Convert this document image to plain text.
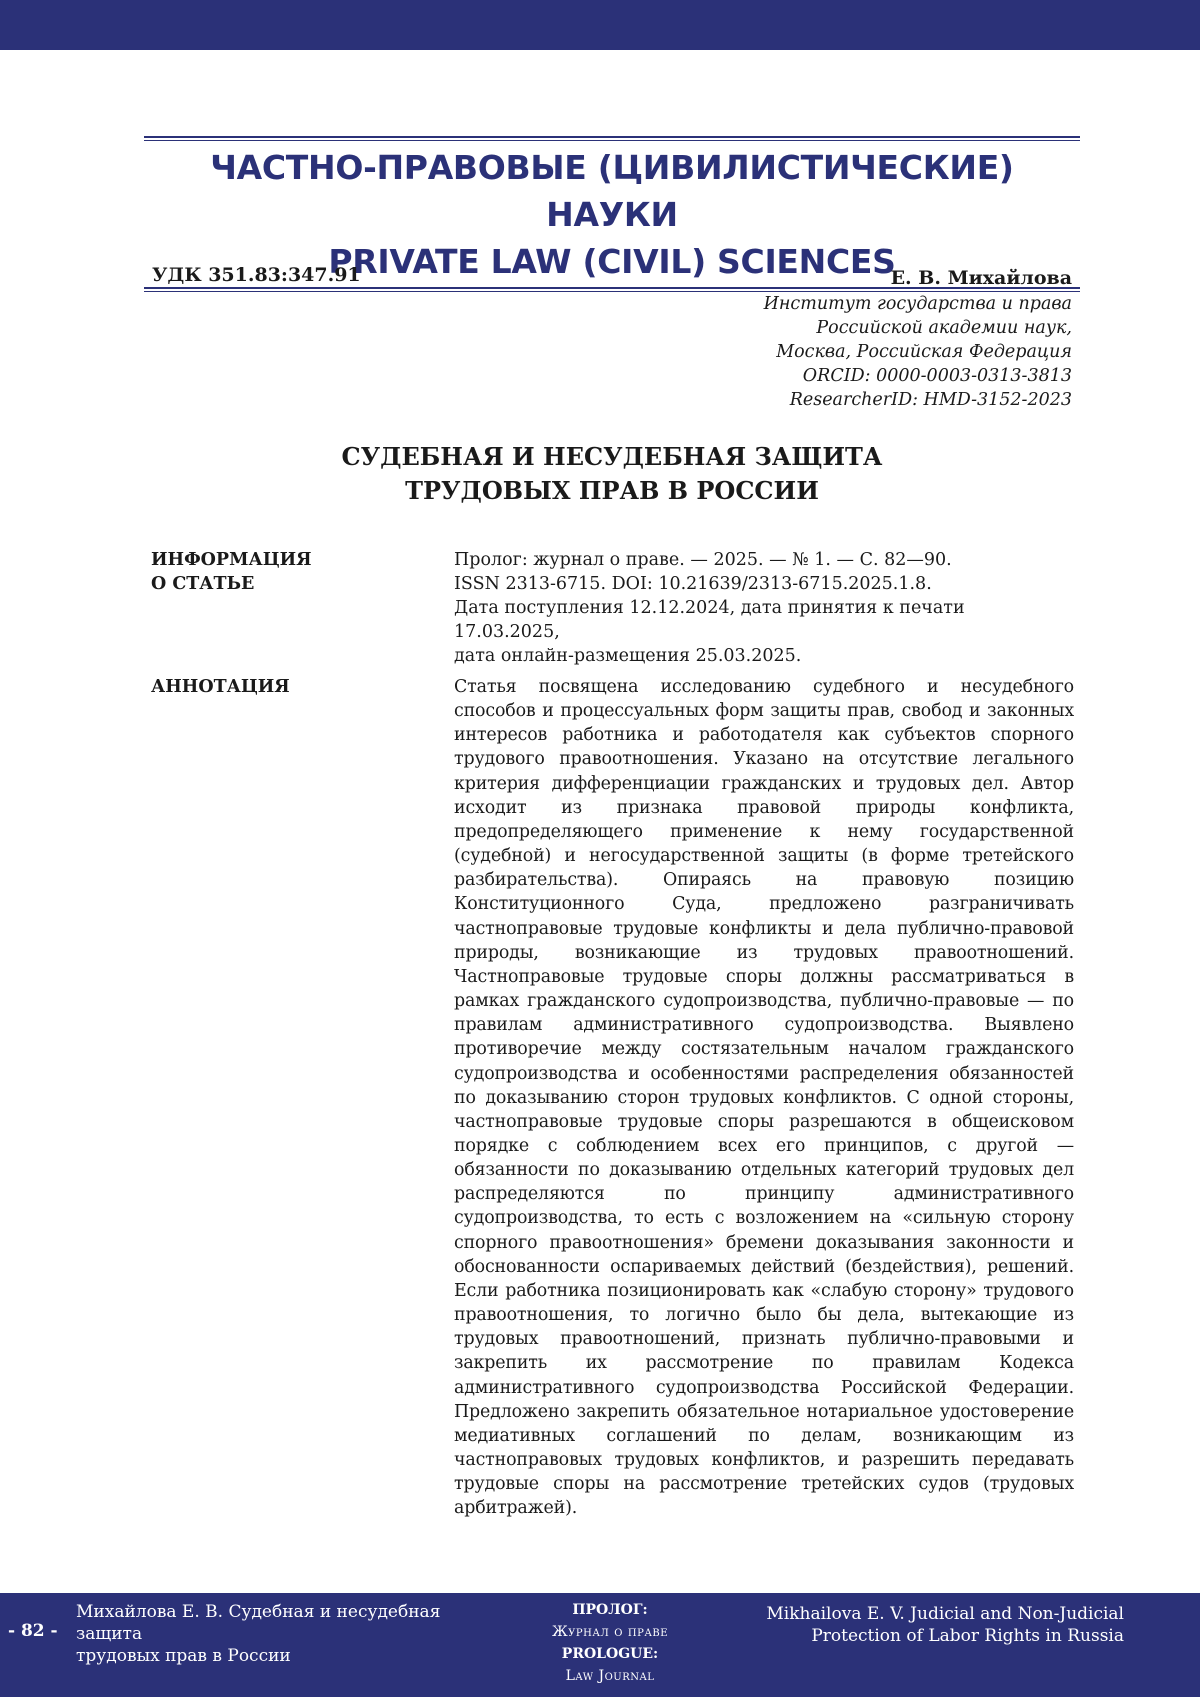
ЧАСТНО-ПРАВОВЫЕ (ЦИВИЛИСТИЧЕСКИЕ) НАУКИ
PRIVATE LAW (CIVIL) SCIENCES
УДК 351.83:347.91	Е. В. Михайлова
Институт государства и права
Российской академии наук,
Москва, Российская Федерация
ORCID: 0000-0003-0313-3813
ResearcherID: HMD-3152-2023
СУДЕБНАЯ И НЕСУДЕБНАЯ ЗАЩИТА
ТРУДОВЫХ ПРАВ В РОССИИ
ИНФОРМАЦИЯ
О СТАТЬЕ
Пролог: журнал о праве. — 2025. — № 1. — С. 82—90.
ISSN 2313-6715. DOI: 10.21639/2313-6715.2025.1.8.
Дата поступления 12.12.2024, дата принятия к печати 17.03.2025,
дата онлайн-размещения 25.03.2025.
АННОТАЦИЯ	Статья посвящена исследованию судебного и несудебного способов и процессуальных форм защиты прав, свобод и законных интересов работника и работодателя как субъектов спорного трудового правоотношения. Указано на отсутствие легального критерия дифференциации гражданских и трудовых дел. Автор исходит из признака правовой природы конфликта, предопределяющего применение к нему государственной (судебной) и негосударственной защиты (в форме третейского разбирательства). Опираясь на правовую позицию Конституционного Суда, предложено разграничивать частноправовые трудовые конфликты и дела публично-правовой природы, возникающие из трудовых правоотношений. Частноправовые трудовые споры должны рассматриваться в рамках гражданского судопроизводства, публично-правовые — по правилам административного судопроизводства. Выявлено противоречие между состязательным началом гражданского судопроизводства и особенностями распределения обязанностей по доказыванию сторон трудовых конфликтов. С одной стороны, частноправовые трудовые споры разрешаются в общеисковом порядке с соблюдением всех его принципов, с другой — обязанности по доказыванию отдельных категорий трудовых дел распределяются по принципу административного судопроизводства, то есть с возложением на «сильную сторону спорного правоотношения» бремени доказывания законности и обоснованности оспариваемых действий (бездействия), решений. Если работника позиционировать как «слабую сторону» трудового правоотношения, то логично было бы дела, вытекающие из трудовых правоотношений, признать публично-правовыми и закрепить их рассмотрение по правилам Кодекса административного судопроизводства Российской Федерации. Предложено закрепить обязательное нотариальное удостоверение медиативных соглашений по делам, возникающим из частноправовых трудовых конфликтов, и разрешить передавать трудовые споры на рассмотрение третейских судов (трудовых арбитражей).
- 82 -
Михайлова Е. В. Судебная и несудебная защита
трудовых прав в России
ПРОЛОГ:
Журнал о праве
PROLOGUE:
Law Journal
Mikhailova E. V. Judicial and Non-Judicial
Protection of Labor Rights in Russia
